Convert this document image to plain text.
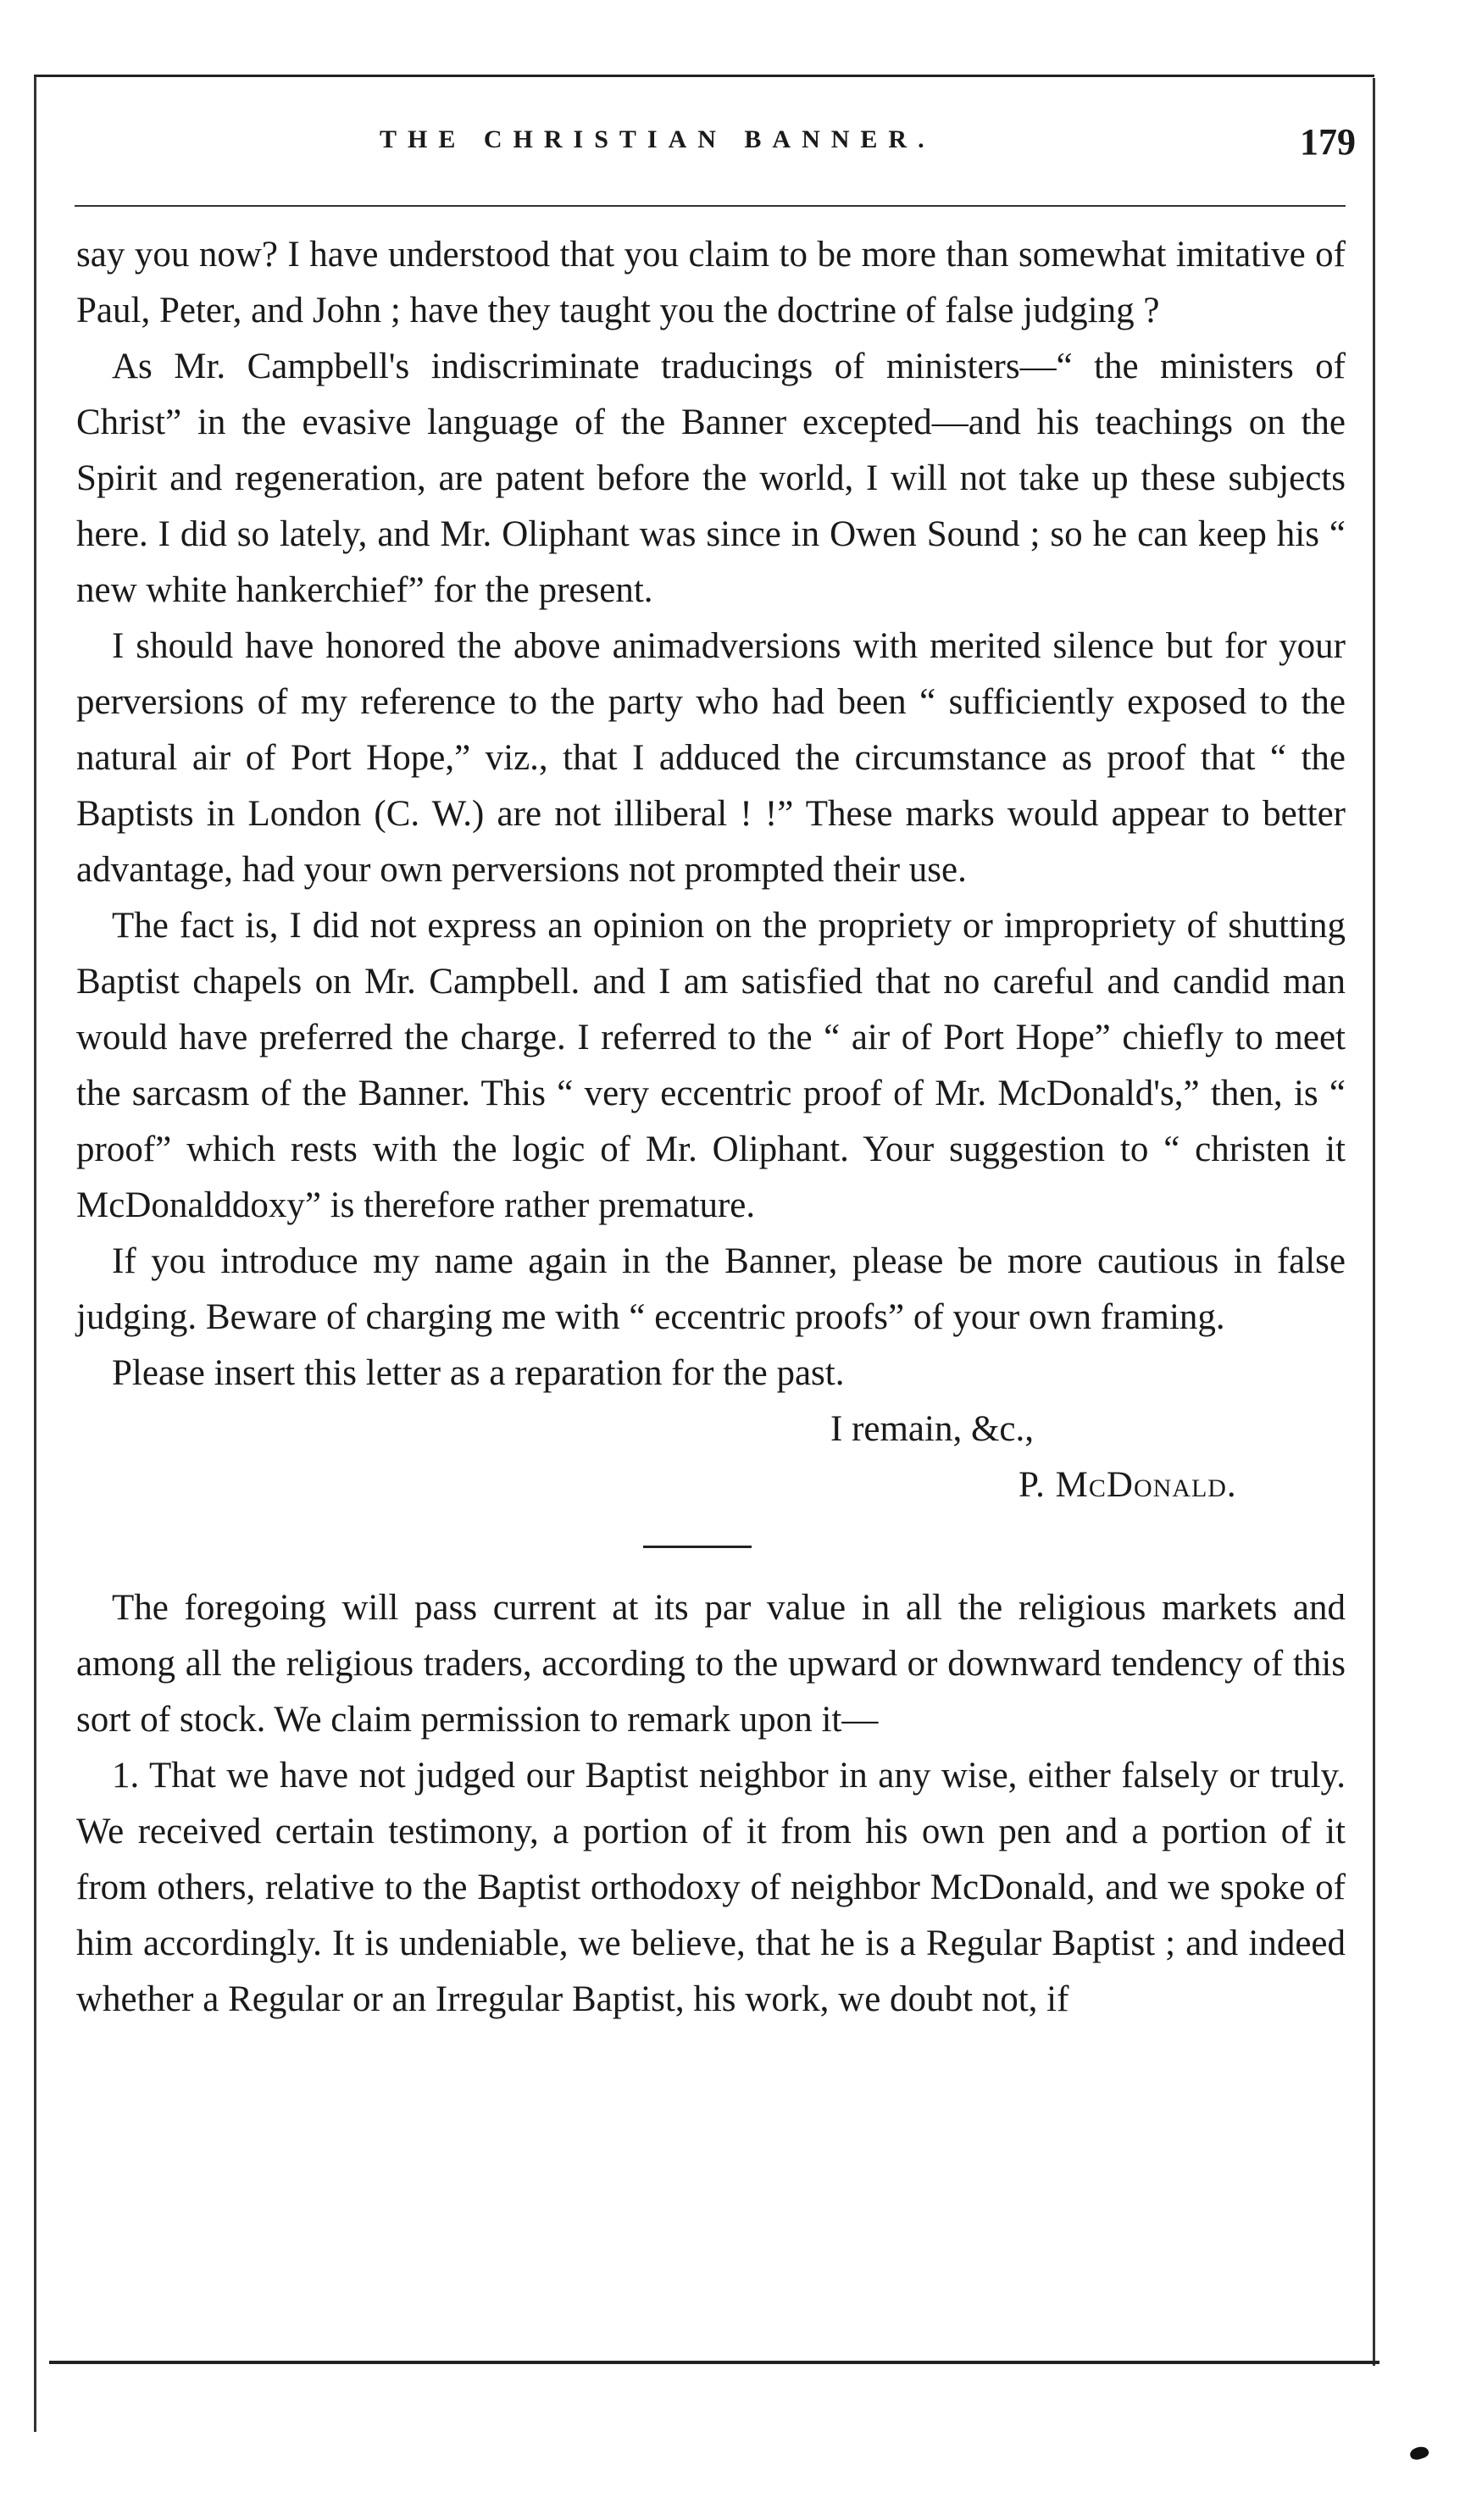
THE CHRISTIAN BANNER.	179

say you now? I have understood that you claim to be more than somewhat imitative of Paul, Peter, and John ; have they taught you the doctrine of false judging ?

As Mr. Campbell's indiscriminate traducings of ministers—“ the ministers of Christ” in the evasive language of the Banner excepted—and his teachings on the Spirit and regeneration, are patent before the world, I will not take up these subjects here. I did so lately, and Mr. Oliphant was since in Owen Sound ; so he can keep his “ new white hankerchief” for the present.

I should have honored the above animadversions with merited silence but for your perversions of my reference to the party who had been “ sufficiently exposed to the natural air of Port Hope,” viz., that I adduced the circumstance as proof that “ the Baptists in London (C. W.) are not illiberal ! !” These marks would appear to better advantage, had your own perversions not prompted their use.

The fact is, I did not express an opinion on the propriety or impropriety of shutting Baptist chapels on Mr. Campbell. and I am satisfied that no careful and candid man would have preferred the charge. I referred to the “ air of Port Hope” chiefly to meet the sarcasm of the Banner. This “ very eccentric proof of Mr. McDonald's,” then, is “ proof” which rests with the logic of Mr. Oliphant. Your suggestion to “ christen it McDonalddoxy” is therefore rather premature.

If you introduce my name again in the Banner, please be more cautious in false judging. Beware of charging me with “ eccentric proofs” of your own framing.

Please insert this letter as a reparation for the past.

I remain, &c.,

P. McDonald.

The foregoing will pass current at its par value in all the religious markets and among all the religious traders, according to the upward or downward tendency of this sort of stock. We claim permission to remark upon it—

1. That we have not judged our Baptist neighbor in any wise, either falsely or truly. We received certain testimony, a portion of it from his own pen and a portion of it from others, relative to the Baptist orthodoxy of neighbor McDonald, and we spoke of him accordingly. It is undeniable, we believe, that he is a Regular Baptist ; and indeed whether a Regular or an Irregular Baptist, his work, we doubt not, if
